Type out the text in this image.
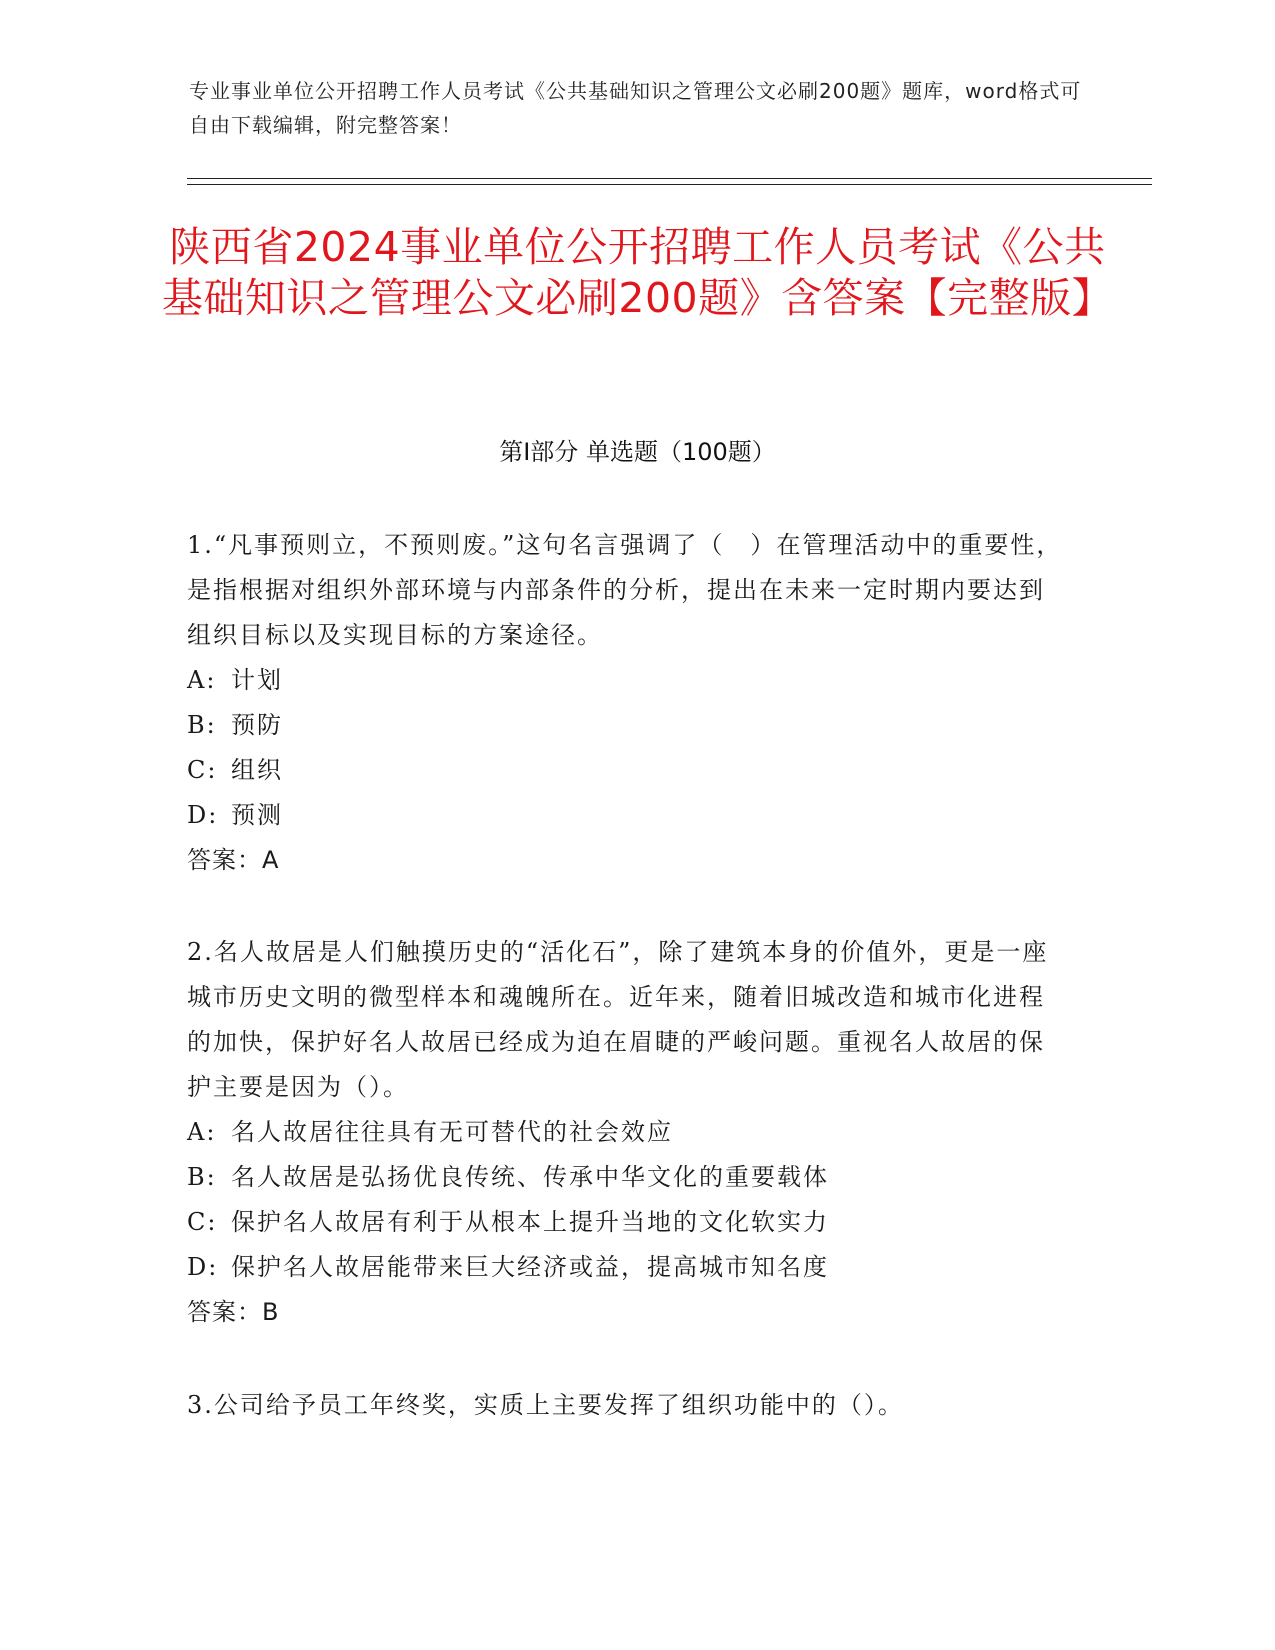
专业事业单位公开招聘工作人员考试《公共基础知识之管理公文必刷200题》题库，word格式可自由下载编辑，附完整答案！
陕西省2024事业单位公开招聘工作人员考试《公共基础知识之管理公文必刷200题》含答案【完整版】
第Ⅰ部分 单选题（100题）

1.“凡事预则立，不预则废。”这句名言强调了（　）在管理活动中的重要性，是指根据对组织外部环境与内部条件的分析，提出在未来一定时期内要达到组织目标以及实现目标的方案途径。

A: 计划

B: 预防

C: 组织

D: 预测

答案：A

2.名人故居是人们触摸历史的“活化石”，除了建筑本身的价值外，更是一座城市历史文明的微型样本和魂魄所在。近年来，随着旧城改造和城市化进程的加快，保护好名人故居已经成为迫在眉睫的严峻问题。重视名人故居的保护主要是因为（）。

A: 名人故居往往具有无可替代的社会效应

B: 名人故居是弘扬优良传统、传承中华文化的重要载体

C: 保护名人故居有利于从根本上提升当地的文化软实力

D: 保护名人故居能带来巨大经济或益，提高城市知名度

答案：B

3.公司给予员工年终奖，实质上主要发挥了组织功能中的（）。
